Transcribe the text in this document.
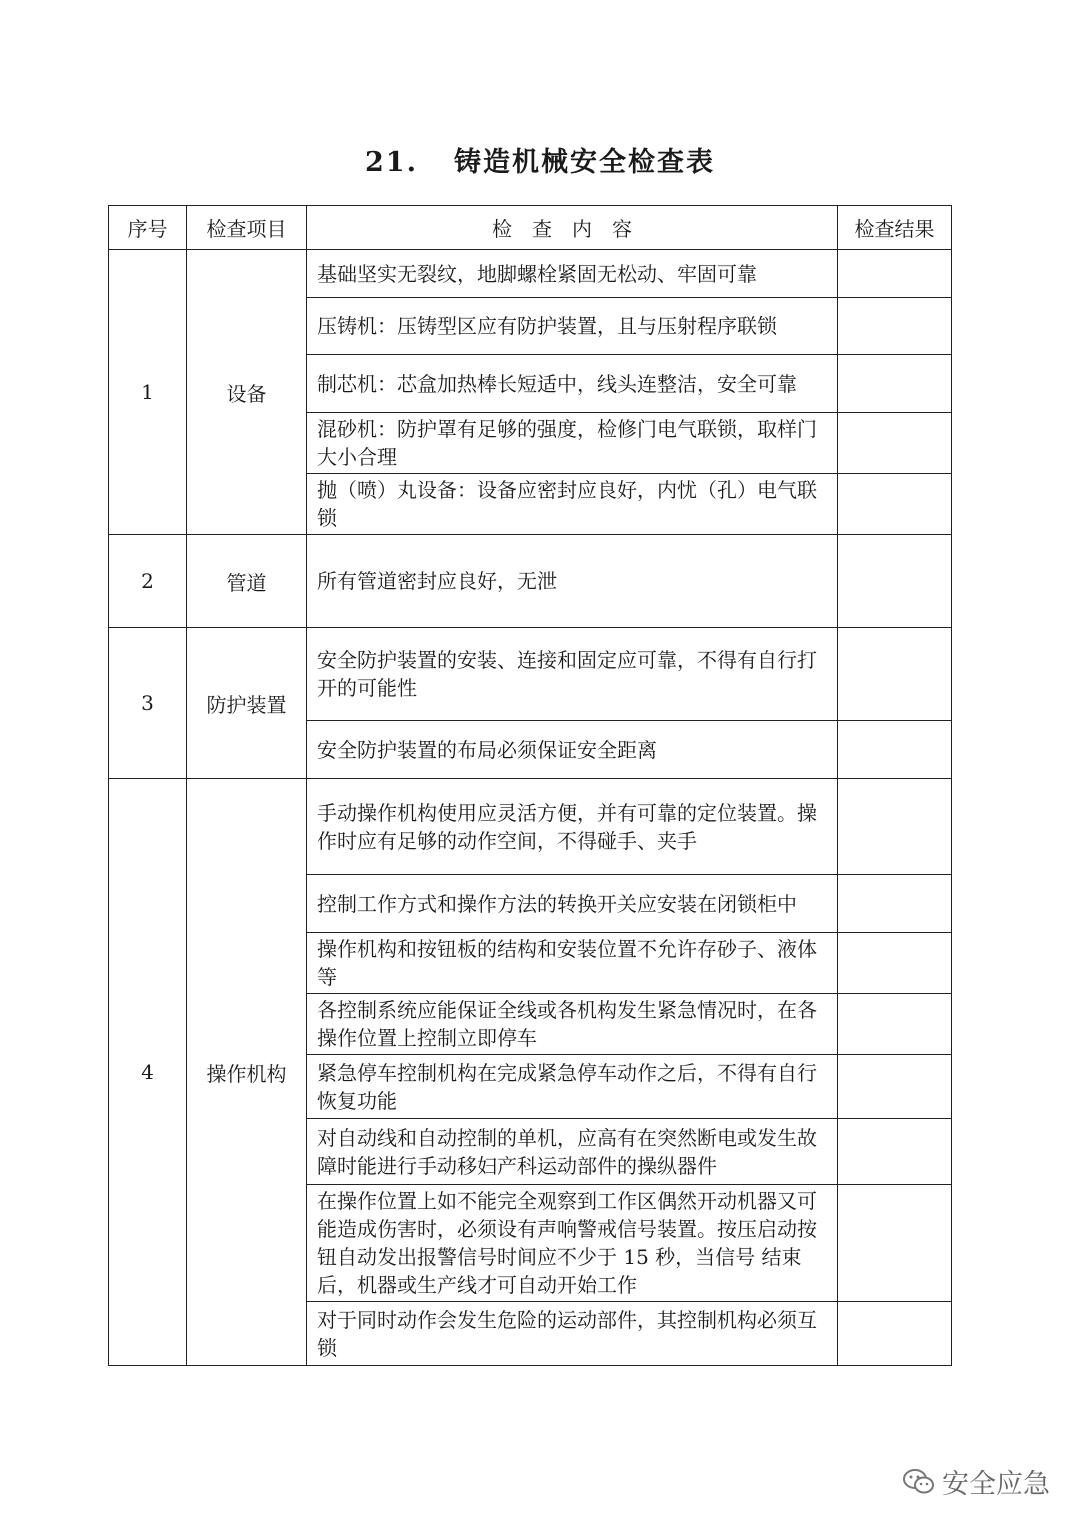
21. 铸造机械安全检查表
序号	检查项目	检查内容	检查结果
1	设备	基础坚实无裂纹，地脚螺栓紧固无松动、牢固可靠	
		压铸机：压铸型区应有防护装置，且与压射程序联锁	
		制芯机：芯盒加热棒长短适中，线头连整洁，安全可靠	
		混砂机：防护罩有足够的强度，检修门电气联锁，取样门大小合理	
		抛（喷）丸设备：设备应密封应良好，内忧（孔）电气联锁	
2	管道	所有管道密封应良好，无泄	
3	防护装置	安全防护装置的安装、连接和固定应可靠，不得有自行打开的可能性	
		安全防护装置的布局必须保证安全距离	
4	操作机构	手动操作机构使用应灵活方便，并有可靠的定位装置。操作时应有足够的动作空间，不得碰手、夹手	
		控制工作方式和操作方法的转换开关应安装在闭锁柜中	
		操作机构和按钮板的结构和安装位置不允许存砂子、液体等	
		各控制系统应能保证全线或各机构发生紧急情况时，在各操作位置上控制立即停车	
		紧急停车控制机构在完成紧急停车动作之后，不得有自行恢复功能	
		对自动线和自动控制的单机，应高有在突然断电或发生故障时能进行手动移妇产科运动部件的操纵器件	
		在操作位置上如不能完全观察到工作区偶然开动机器又可能造成伤害时，必须设有声响警戒信号装置。按压启动按钮自动发出报警信号时间应不少于 15 秒，当信号 结束后，机器或生产线才可自动开始工作	
		对于同时动作会发生危险的运动部件，其控制机构必须互锁	
安全应急
